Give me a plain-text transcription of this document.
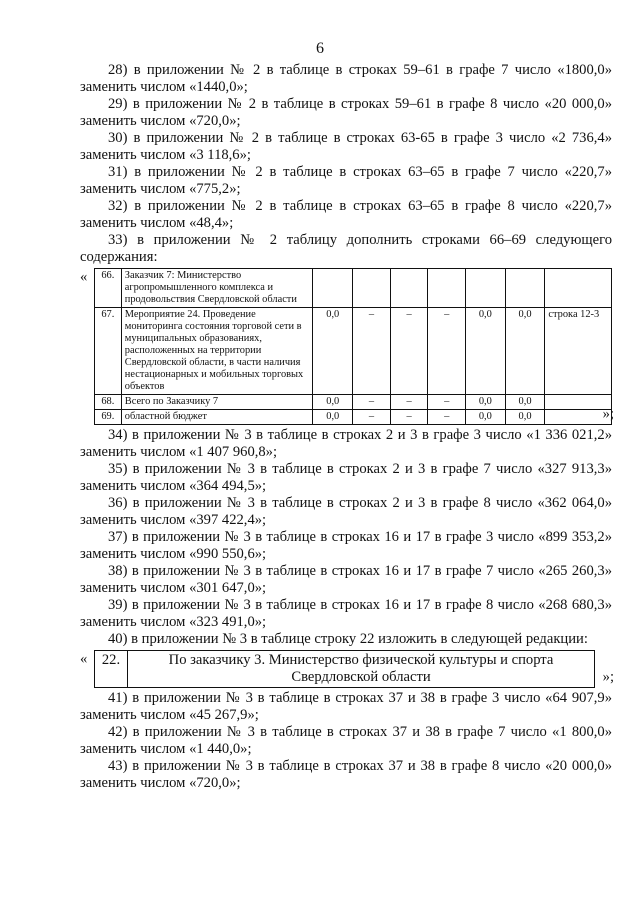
6

28) в приложении № 2 в таблице в строках 59–61 в графе 7 число «1800,0» заменить числом «1440,0»;

29) в приложении № 2 в таблице в строках 59–61 в графе 8 число «20 000,0» заменить числом «720,0»;

30) в приложении № 2 в таблице в строках 63-65 в графе 3 число «2 736,4» заменить числом «3 118,6»;

31) в приложении № 2 в таблице в строках 63–65 в графе 7 число «220,7» заменить числом «775,2»;

32) в приложении № 2 в таблице в строках 63–65 в графе 8 число «220,7» заменить числом «48,4»;

33) в приложении № 2 таблицу дополнить строками 66–69 следующего содержания:

«	66.	Заказчик 7: Министерство агропромышленного комплекса и продовольствия Свердловской области							
	67.	Мероприятие 24. Проведение мониторинга состояния торговой сети в муниципальных образованиях, расположенных на территории Свердловской области, в части наличия нестационарных и мобильных торговых объектов	0,0	–	–	–	0,0	0,0	строка 12-3
	68.	Всего по Заказчику 7	0,0	–	–	–	0,0	0,0	
	69.	областной бюджет	0,0	–	–	–	0,0	0,0		»;

34) в приложении № 3 в таблице в строках 2 и 3 в графе 3 число «1 336 021,2» заменить числом «1 407 960,8»;

35) в приложении № 3 в таблице в строках 2 и 3 в графе 7 число «327 913,3» заменить числом «364 494,5»;

36) в приложении № 3 в таблице в строках 2 и 3 в графе 8 число «362 064,0» заменить числом «397 422,4»;

37) в приложении № 3 в таблице в строках 16 и 17 в графе 3 число «899 353,2» заменить числом «990 550,6»;

38) в приложении № 3 в таблице в строках 16 и 17 в графе 7 число «265 260,3» заменить числом «301 647,0»;

39) в приложении № 3 в таблице в строках 16 и 17 в графе 8 число «268 680,3» заменить числом «323 491,0»;

40) в приложении № 3 в таблице строку 22 изложить в следующей редакции:

«	22.	По заказчику 3. Министерство физической культуры и спорта Свердловской области	»;

41) в приложении № 3 в таблице в строках 37 и 38 в графе 3 число «64 907,9» заменить числом «45 267,9»;

42) в приложении № 3 в таблице в строках 37 и 38 в графе 7 число «1 800,0» заменить числом «1 440,0»;

43) в приложении № 3 в таблице в строках 37 и 38 в графе 8 число «20 000,0» заменить числом «720,0»;
